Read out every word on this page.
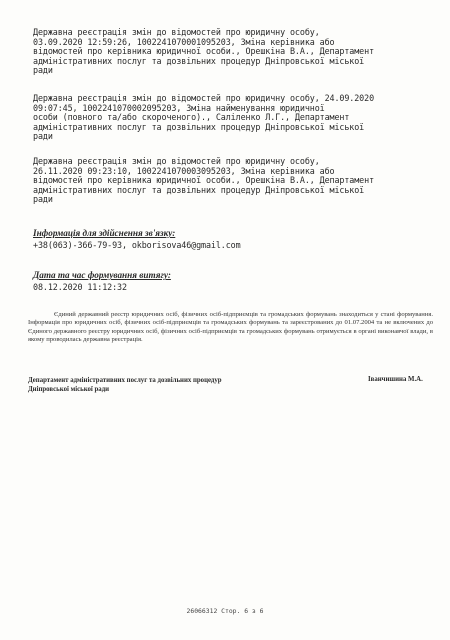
Державна реєстрація змін до відомостей про юридичну особу,
03.09.2020 12:59:26, 1002241070001095203, Зміна керівника або
відомостей про керівника юридичної особи., Орешкіна В.А., Департамент
адміністративних послуг та дозвільних процедур Дніпровської міської
ради
Державна реєстрація змін до відомостей про юридичну особу, 24.09.2020
09:07:45, 1002241070002095203, Зміна найменування юридичної
особи (повного та/або скороченого)., Саліленко Л.Г., Департамент
адміністративних послуг та дозвільних процедур Дніпровської міської
ради
Державна реєстрація змін до відомостей про юридичну особу,
26.11.2020 09:23:10, 1002241070003095203, Зміна керівника або
відомостей про керівника юридичної особи., Орешкіна В.А., Департамент
адміністративних послуг та дозвільних процедур Дніпровської міської
ради
Інформація для здійснення зв'язку:
+38(063)-366-79-93, okborisova46@gmail.com
Дата та час формування витягу:
08.12.2020 11:12:32
Єдиний державний реєстр юридичних осіб, фізичних осіб-підприємців та громадських формувань знаходиться у стані формування. Інформація про юридичних осіб, фізичних осіб-підприємців та громадських формувань та зареєстрованих до 01.07.2004 та не включених до Єдиного державного реєстру юридичних осіб, фізичних осіб-підприємців та громадських формувань отримується в органі виконавчої влади, в якому проводилась державна реєстрація.
Департамент адміністративних послуг та дозвільних процедур Дніпровської міської ради
Іванчишина М.А.
26066312 Стор. 6 з 6
